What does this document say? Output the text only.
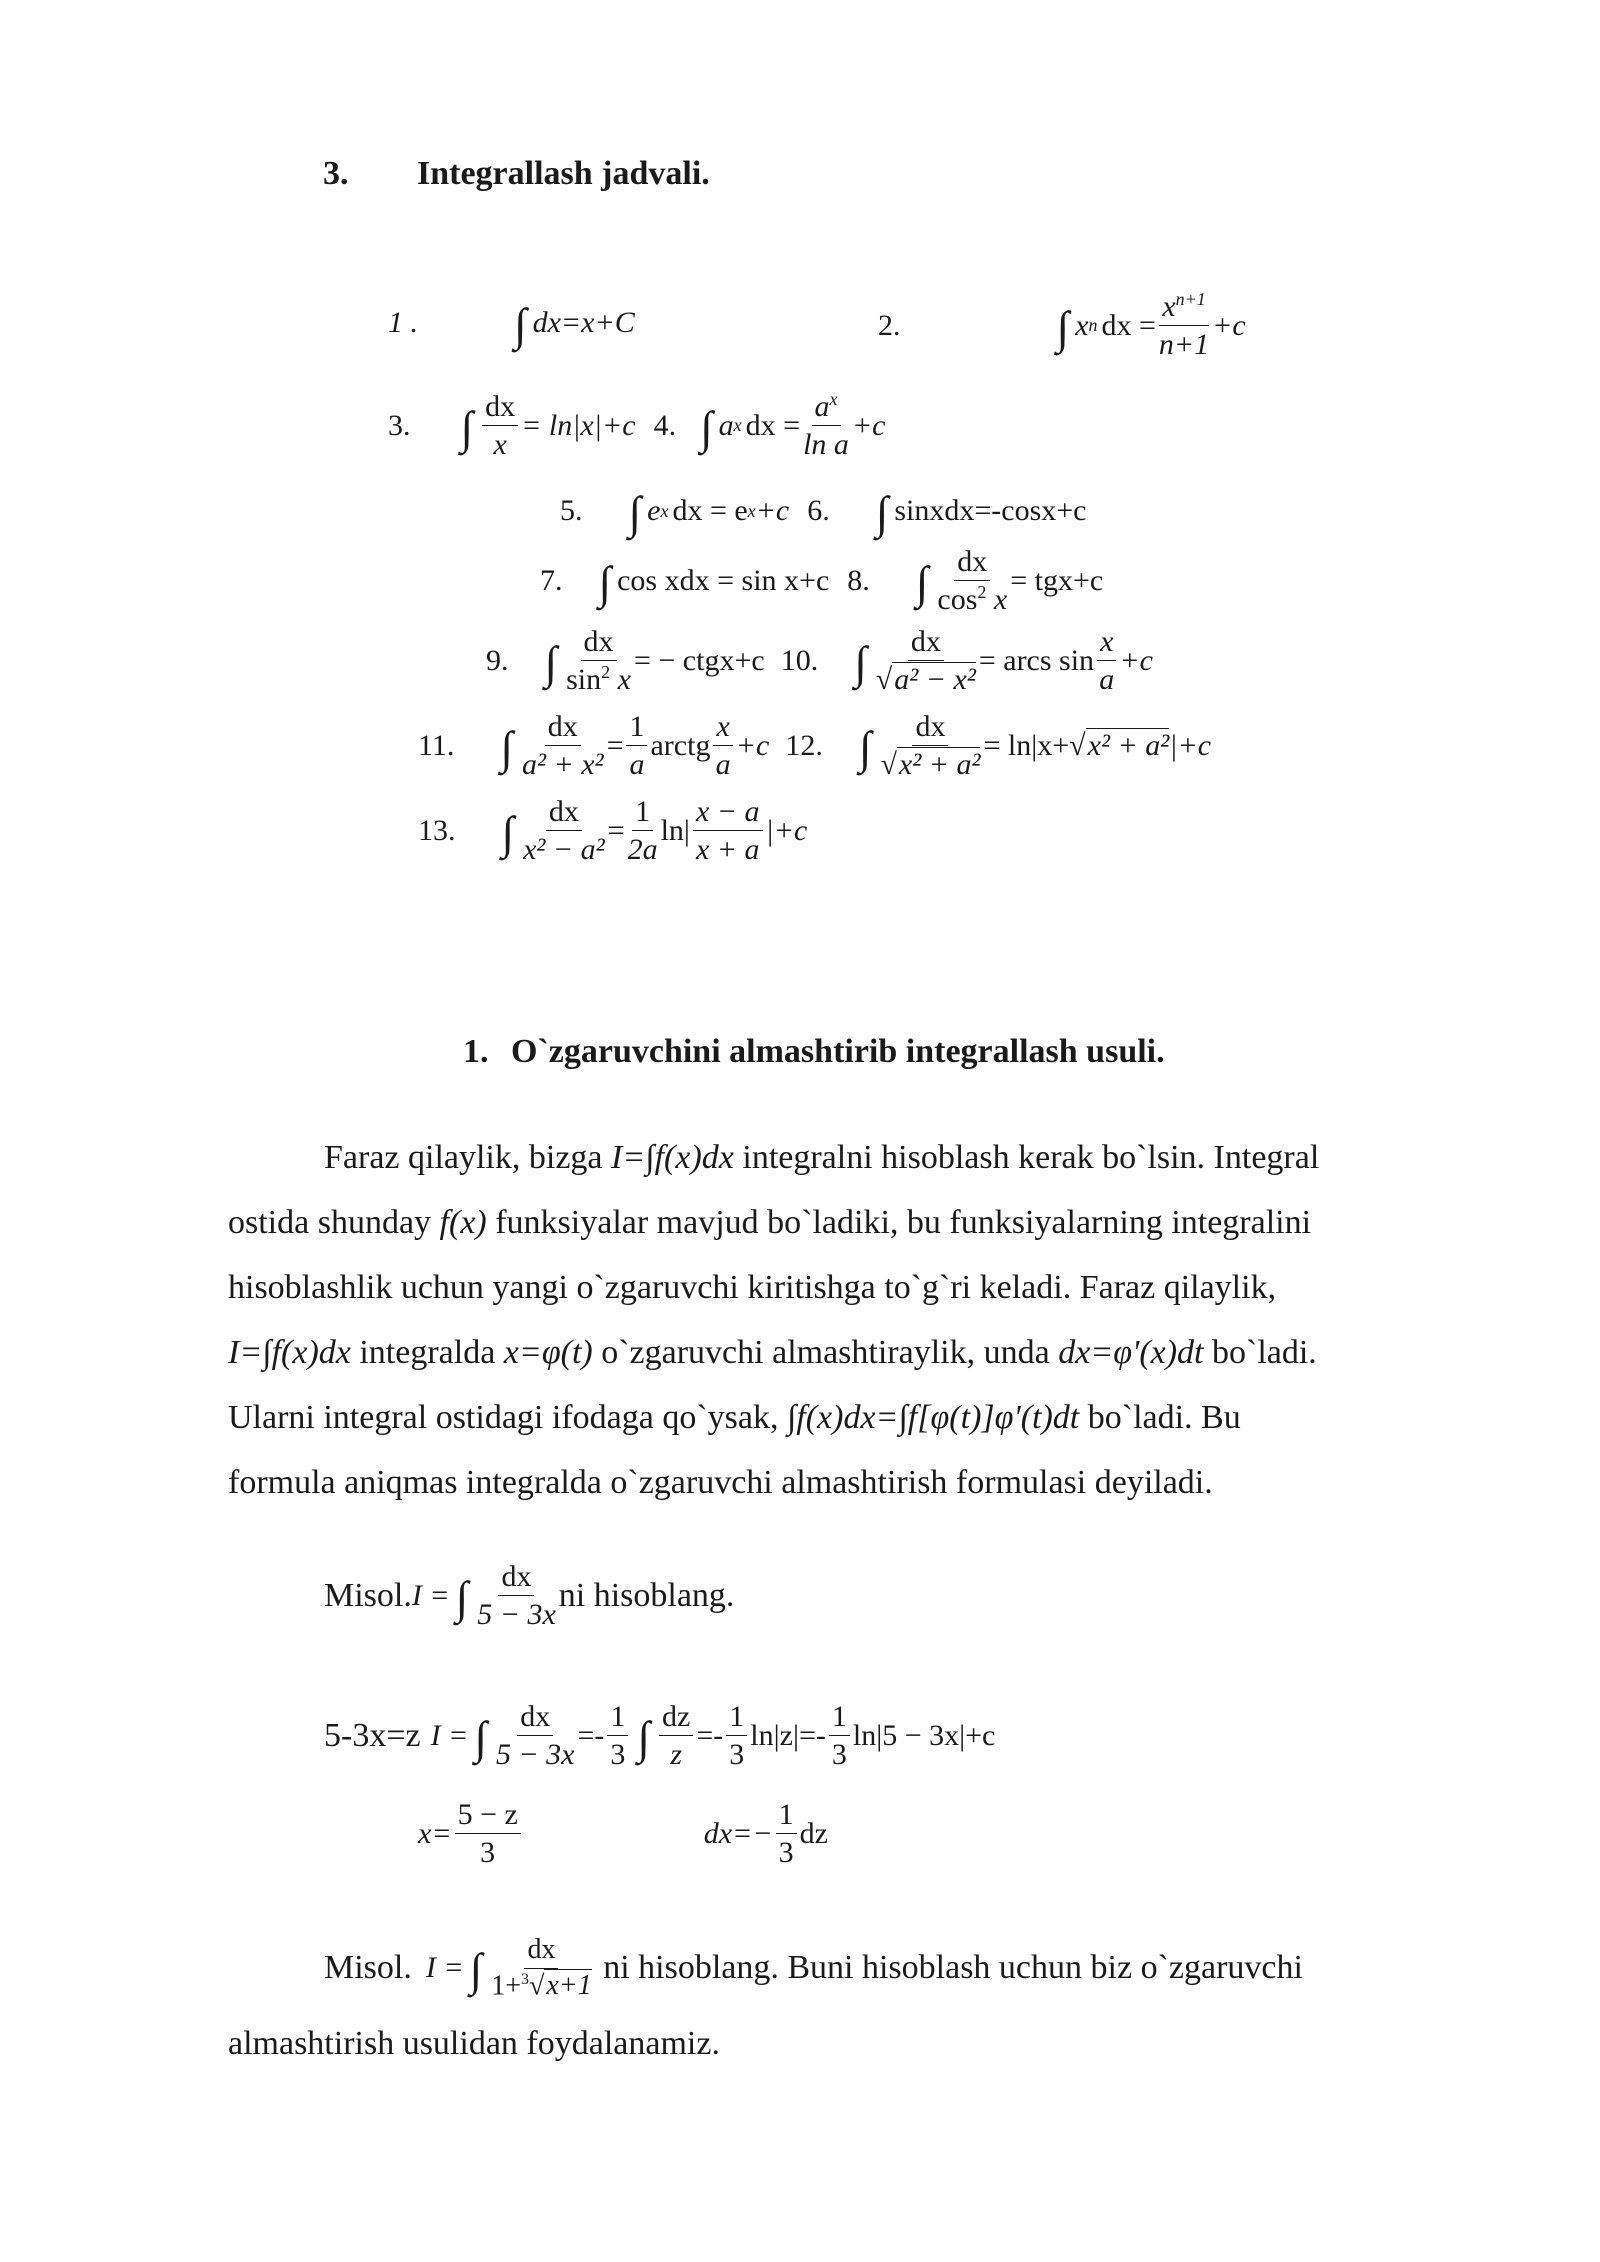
3. Integrallash jadvali.
1 . ∫ dx=x+C	2.	∫ x n dx = $\frac{x^{n+1}}{n+1} +c$
3. ∫ $\frac{dx}{x} = \ln|x|+c$ 4. ∫ a x dx = $\frac{a^x}{\text{ln a}} +c$
5. ∫ e x dx = e x +c 6. ∫ sinxdx=-cosx+c
7. ∫ cos xdx = sin x+c 8. ∫ $\frac{dx}{\cos^2 x} = tgx+c$
9. ∫ $\frac{dx}{\sin^2 x}$ = − ctgx+c 10. ∫ $\frac{dx}{\text{√a² − x²}}$ = arcs sin
x
a
+c
11. ∫ $\frac{dx}{\text{a² + x²}} = \frac{1}{a}$ arctg
x
a
+c 12. ∫ $\frac{dx}{\text{√x² + a²}} = \ln|x+ √x^2 + a^2$ |+c
13. ∫ $\frac{dx}{\text{x² − a²}} = \frac{1}{2a} \ln|$
x − a
x + a
|+c
1. O`zgaruvchini almashtirib integrallash usuli.

Faraz qilaylik, bizga I=∫f(x)dx integralni hisoblash kerak bo`lsin. Integral

ostida shunday f(x) funksiyalar mavjud bo`ladiki, bu funksiyalarning integralini

hisoblashlik uchun yangi o`zgaruvchi kiritishga to`g`ri keladi. Faraz qilaylik,

I=∫f(x)dx integralda x=φ(t) o`zgaruvchi almashtiraylik, unda dx=φ'(x)dt bo`ladi.

Ularni integral ostidagi ifodaga qo`ysak, ∫f(x)dx=∫f[φ(t)]φ'(t)dt bo`ladi. Bu

formula aniqmas integralda o`zgaruvchi almashtirish formulasi deyiladi.

Misol. I = ∫ dx
5 − 3x
ni hisoblang.
5-3x=z I = ∫ $\frac{dx}{5 - 3x}$ =-
1
3 ∫ $\frac{dz}{z}$ =-
1
3
ln|z|=-
1
3
ln|5 − 3x|+c
$x= \frac{5 - z}{3}$	$dx=- \frac{1}{3}$ dz
Misol. I = ∫ dx
1+$^3$√x+1 ni hisoblang. Buni hisoblash uchun biz o`zgaruvchi
almashtirish usulidan foydalanamiz.
